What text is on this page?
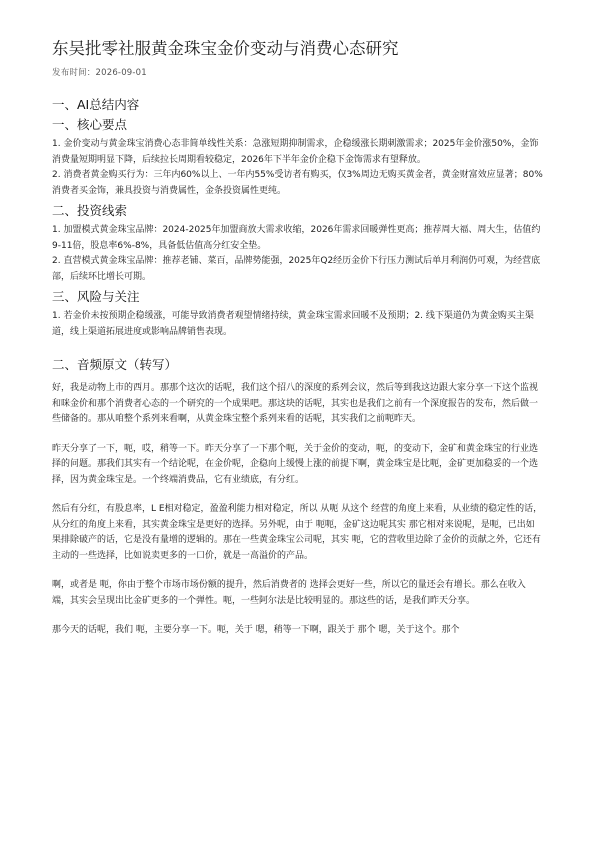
东吴批零社服黄金珠宝金价变动与消费心态研究
发布时间：2026-09-01
一、AI总结内容
一、核心要点

1. 金价变动与黄金珠宝消费心态非简单线性关系：急涨短期抑制需求，企稳缓涨长期刺激需求；2025年金价涨50%，金饰消费量短期明显下降，后续拉长周期看较稳定，2026年下半年金价企稳下金饰需求有望释放。

2. 消费者黄金购买行为：三年内60%以上、一年内55%受访者有购买，仅3%周边无购买黄金者，黄金财富效应显著；80%消费者买金饰，兼具投资与消费属性，金条投资属性更纯。

二、投资线索

1. 加盟模式黄金珠宝品牌：2024-2025年加盟商放大需求收缩，2026年需求回暖弹性更高；推荐周大福、周大生，估值约9-11倍，股息率6%-8%，具备低估值高分红安全垫。

2. 直营模式黄金珠宝品牌：推荐老铺、菜百，品牌势能强，2025年Q2经历金价下行压力测试后单月利润仍可观，为经营底部，后续环比增长可期。

三、风险与关注

1. 若金价未按预期企稳缓涨，可能导致消费者观望情绪持续，黄金珠宝需求回暖不及预期；2. 线下渠道仍为黄金购买主渠道，线上渠道拓展进度或影响品牌销售表现。

二、音频原文（转写）

好，我是动物上市的西月。那那个这次的话呢，我们这个招八的深度的系列会议，然后等到我这边跟大家分享一下这个监视和咪金价和那个消费者心态的一个研究的一个成果吧。那这块的话呢，其实也是我们之前有一个深度报告的发布，然后做一些储备的。那从咱整个系列来看啊，从黄金珠宝整个系列来看的话呢，其实我们之前呃昨天。

昨天分享了一下，呃，哎，稍等一下。昨天分享了一下那个呃，关于金价的变动，呃，的变动下，金矿和黄金珠宝的行业选择的问题。那我们其实有一个结论呢，在金价呢，企稳向上缓慢上涨的前提下啊，黄金珠宝是比呃，金矿更加稳妥的一个选择，因为黄金珠宝是。一个终端消费品，它有业绩底，有分红。

然后有分红，有股息率，L E相对稳定，盈盈利能力相对稳定，所以 从呃 从这个 经营的角度上来看，从业绩的稳定性的话，从分红的角度上来看，其实黄金珠宝是更好的选择。另外呢，由于 呃呃，金矿这边呢其实 那它相对来说呢，是呃，已出如果排除破产的话，它是没有量增的逻辑的。那在一些黄金珠宝公司呢，其实 呃，它的营收里边除了金价的贡献之外，它还有主动的一些选择，比如说卖更多的一口价，就是一高溢价的产品。

啊，或者是 呃，你由于整个市场市场份额的提升，然后消费者的 选择会更好一些，所以它的量还会有增长。那么在收入端，其实会呈现出比金矿更多的一个弹性。呃，一些阿尔法是比较明显的。那这些的话，是我们昨天分享。

那今天的话呢，我们 呃，主要分享一下。呃，关于 嗯，稍等一下啊，跟关于 那个 嗯，关于这个。那个
